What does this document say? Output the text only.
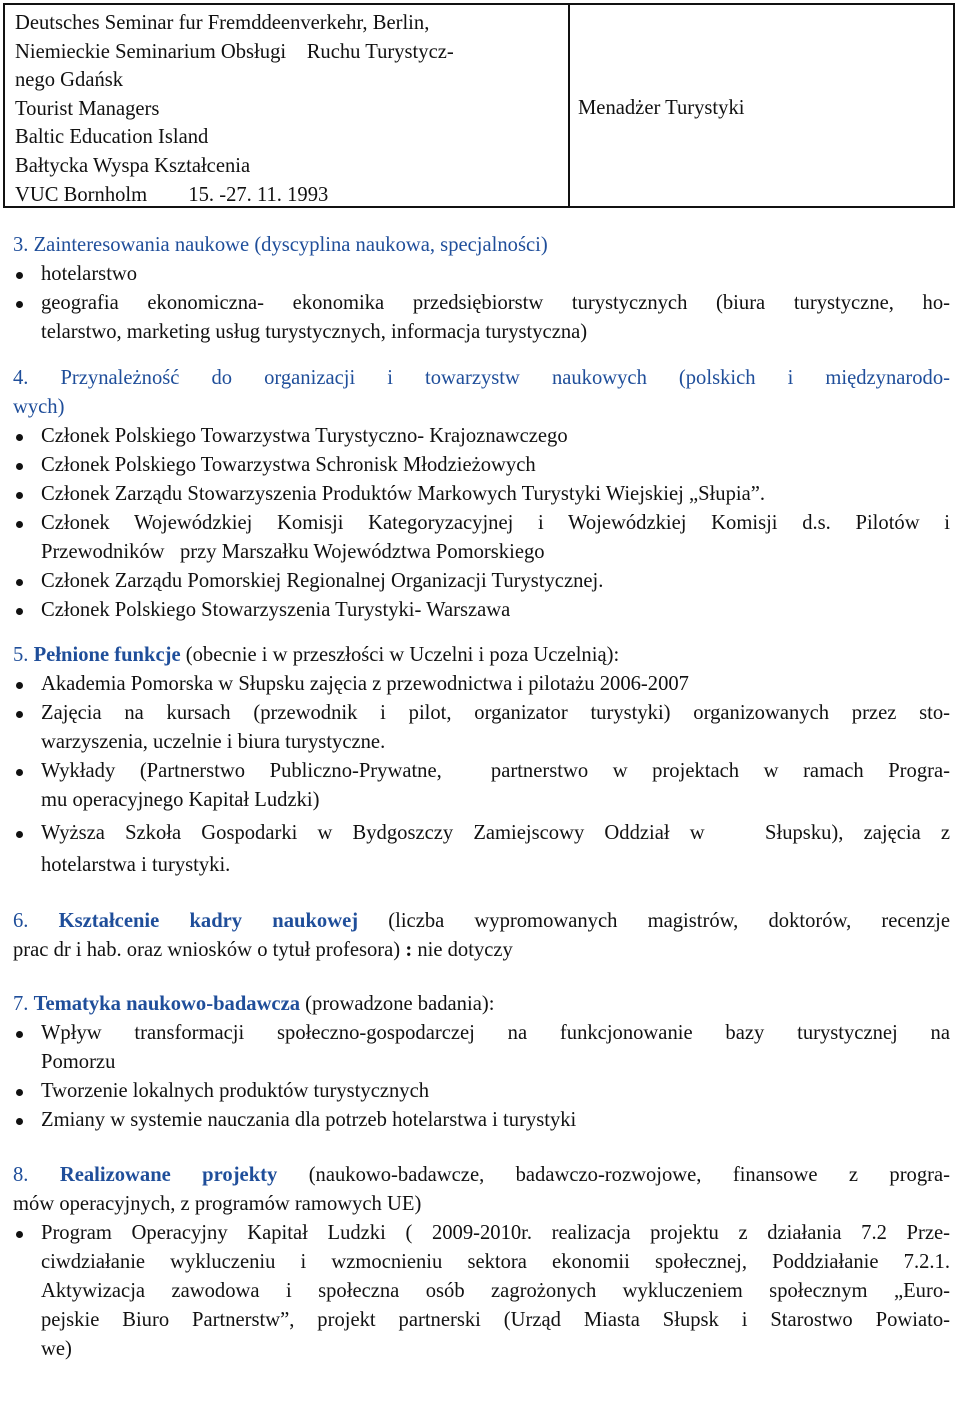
Deutsches Seminar fur Fremddeenverkehr, Berlin,
Niemieckie Seminarium Obsługi    Ruchu Turystycz-
nego Gdańsk
Tourist Managers
Baltic Education Island
Bałtycka Wyspa Kształcenia
VUC Bornholm        15. -27. 11. 1993
Menadżer Turystyki
3. Zainteresowania naukowe (dyscyplina naukowa, specjalności)
hotelarstwo
geografia ekonomiczna- ekonomika przedsiębiorstw turystycznych (biura turystyczne, ho-
telarstwo, marketing usług turystycznych, informacja turystyczna)
4. Przynależność do organizacji i towarzystw naukowych (polskich i międzynarodo-
wych)
Członek Polskiego Towarzystwa Turystyczno- Krajoznawczego
Członek Polskiego Towarzystwa Schronisk Młodzieżowych
Członek Zarządu Stowarzyszenia Produktów Markowych Turystyki Wiejskiej „Słupia”.
Członek Wojewódzkiej Komisji Kategoryzacyjnej i Wojewódzkiej Komisji d.s. Pilotów i
Przewodników   przy Marszałku Województwa Pomorskiego
Członek Zarządu Pomorskiej Regionalnej Organizacji Turystycznej.
Członek Polskiego Stowarzyszenia Turystyki- Warszawa
5. Pełnione funkcje (obecnie i w przeszłości w Uczelni i poza Uczelnią):
Akademia Pomorska w Słupsku zajęcia z przewodnictwa i pilotażu 2006-2007
Zajęcia na kursach (przewodnik i pilot, organizator turystyki) organizowanych przez sto-
warzyszenia, uczelnie i biura turystyczne.
Wykłady (Partnerstwo Publiczno-Prywatne,  partnerstwo w projektach w ramach Progra-
mu operacyjnego Kapitał Ludzki)
Wyższa Szkoła Gospodarki w Bydgoszczy Zamiejscowy Oddział w   Słupsku), zajęcia z
hotelarstwa i turystyki.
6. Kształcenie kadry naukowej (liczba wypromowanych magistrów, doktorów, recenzje
prac dr i hab. oraz wniosków o tytuł profesora) : nie dotyczy
7. Tematyka naukowo-badawcza (prowadzone badania):
Wpływ transformacji społeczno-gospodarczej na funkcjonowanie bazy turystycznej na
Pomorzu
Tworzenie lokalnych produktów turystycznych
Zmiany w systemie nauczania dla potrzeb hotelarstwa i turystyki
8. Realizowane projekty (naukowo-badawcze, badawczo-rozwojowe, finansowe z progra-
mów operacyjnych, z programów ramowych UE)
Program Operacyjny Kapitał Ludzki ( 2009-2010r. realizacja projektu z działania 7.2 Prze-
ciwdziałanie wykluczeniu i wzmocnieniu sektora ekonomii społecznej, Poddziałanie 7.2.1.
Aktywizacja zawodowa i społeczna osób zagrożonych wykluczeniem społecznym „Euro-
pejskie Biuro Partnerstw”, projekt partnerski (Urząd Miasta Słupsk i Starostwo Powiato-
we)
